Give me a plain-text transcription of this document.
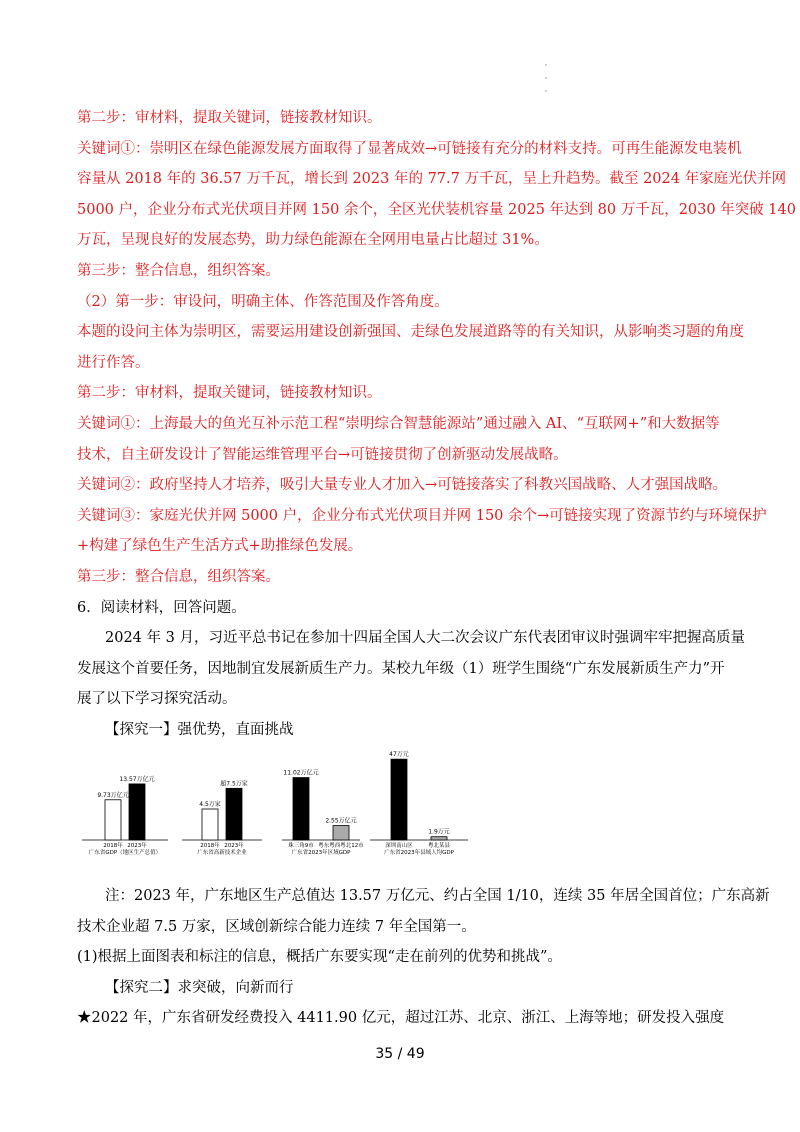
·
·
·
第二步：审材料，提取关键词，链接教材知识。
关键词①：崇明区在绿色能源发展方面取得了显著成效→可链接有充分的材料支持。可再生能源发电装机
容量从 2018 年的 36.57 万千瓦，增长到 2023 年的 77.7 万千瓦，呈上升趋势。截至 2024 年家庭光伏并网
5000 户，企业分布式光伏项目并网 150 余个，全区光伏装机容量 2025 年达到 80 万千瓦，2030 年突破 140
万瓦，呈现良好的发展态势，助力绿色能源在全网用电量占比超过 31%。
第三步：整合信息，组织答案。
（2）第一步：审设问，明确主体、作答范围及作答角度。
本题的设问主体为崇明区，需要运用建设创新强国、走绿色发展道路等的有关知识，从影响类习题的角度
进行作答。
第二步：审材料，提取关键词，链接教材知识。
关键词①：上海最大的鱼光互补示范工程“崇明综合智慧能源站”通过融入 AI、“互联网+”和大数据等
技术，自主研发设计了智能运维管理平台→可链接贯彻了创新驱动发展战略。
关键词②：政府坚持人才培养，吸引大量专业人才加入→可链接落实了科教兴国战略、人才强国战略。
关键词③：家庭光伏并网 5000 户，企业分布式光伏项目并网 150 余个→可链接实现了资源节约与环境保护
+构建了绿色生产生活方式+助推绿色发展。
第三步：整合信息，组织答案。
6．阅读材料，回答问题。
2024 年 3 月，习近平总书记在参加十四届全国人大二次会议广东代表团审议时强调牢牢把握高质量
发展这个首要任务，因地制宜发展新质生产力。某校九年级（1）班学生围绕“广东发展新质生产力”开
展了以下学习探究活动。
【探究一】强优势，直面挑战
9.73万亿元
2018年
13.57万亿元
2023年
广东省GDP（地区生产总值）
4.5万家
2018年
超7.5万家
2023年
广东省高新技术企业
11.02万亿元
珠三角9市
2.55万亿元
粤东粤西粤北12市
广东省2023年区域GDP
47万元
深圳南山区
1.9万元
粤北某县
广东省2023年县域人均GDP
注：2023 年，广东地区生产总值达 13.57 万亿元、约占全国 1/10，连续 35 年居全国首位；广东高新
技术企业超 7.5 万家，区域创新综合能力连续 7 年全国第一。
(1)根据上面图表和标注的信息，概括广东要实现“走在前列的优势和挑战”。
【探究二】求突破，向新而行
★2022 年，广东省研发经费投入 4411.90 亿元，超过江苏、北京、浙江、上海等地；研发投入强度
35 / 49
